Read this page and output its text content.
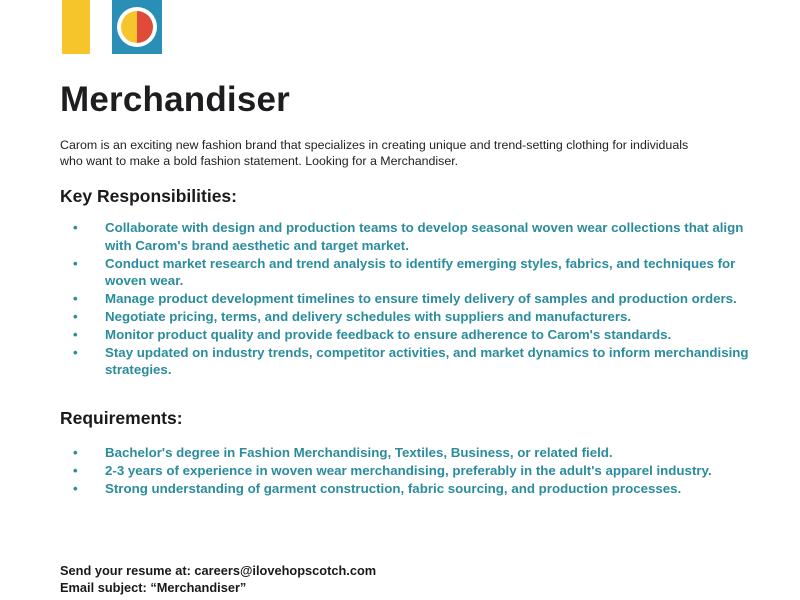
Merchandiser

Carom is an exciting new fashion brand that specializes in creating unique and trend-setting clothing for individuals who want to make a bold fashion statement. Looking for a Merchandiser.

Key Responsibilities:
• Collaborate with design and production teams to develop seasonal woven wear collections that align with Carom's brand aesthetic and target market.
• Conduct market research and trend analysis to identify emerging styles, fabrics, and techniques for woven wear.
• Manage product development timelines to ensure timely delivery of samples and production orders.
• Negotiate pricing, terms, and delivery schedules with suppliers and manufacturers.
• Monitor product quality and provide feedback to ensure adherence to Carom's standards.
• Stay updated on industry trends, competitor activities, and market dynamics to inform merchandising strategies.
Requirements:
• Bachelor's degree in Fashion Merchandising, Textiles, Business, or related field.
• 2-3 years of experience in woven wear merchandising, preferably in the adult's apparel industry.
• Strong understanding of garment construction, fabric sourcing, and production processes.

Send your resume at: careers@ilovehopscotch.com
Email subject: “Merchandiser”
